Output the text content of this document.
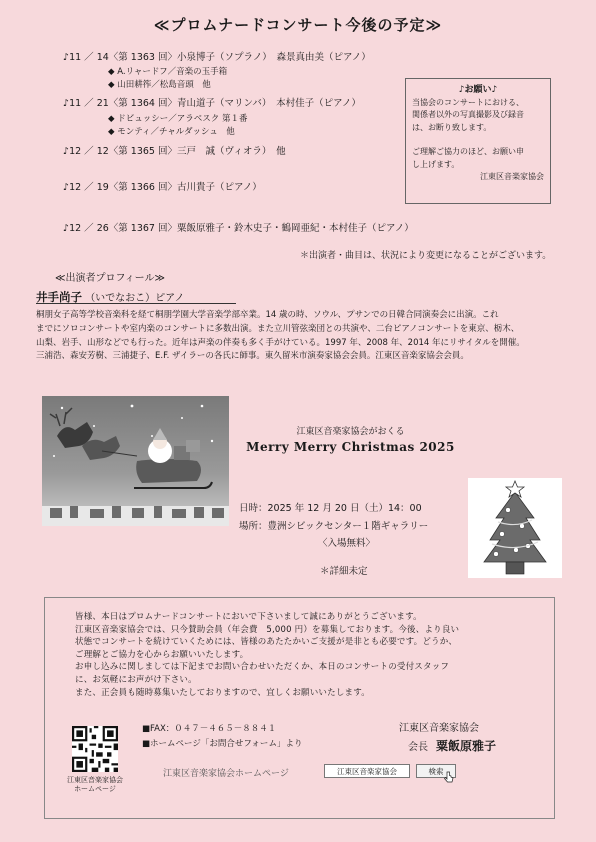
≪プロムナードコンサート今後の予定≫
♪11 ／ 14〈第 1363 回〉小泉博子（ソプラノ）　森景真由美（ピアノ）
◆ A.リャードフ／音楽の玉手箱
◆ 山田耕筰／松島音頭　他
♪11 ／ 21〈第 1364 回〉青山道子（マリンバ）　本村佳子（ピアノ）
◆ ドビュッシー／アラベスク 第１番
◆ モンティ／チャルダッシュ　他
♪12 ／ 12〈第 1365 回〉三戸　誠（ヴィオラ）　他
♪12 ／ 19〈第 1366 回〉古川貴子（ピアノ）
♪12 ／ 26〈第 1367 回〉粟飯原雅子・鈴木史子・鶴岡亜紀・本村佳子（ピアノ）
♪お願い♪
当協会のコンサートにおける、
関係者以外の写真撮影及び録音
は、お断り致します。
ご理解ご協力のほど、お願い申
し上げます。
江東区音楽家協会
＊出演者・曲目は、状況により変更になることがございます。
≪出演者プロフィール≫
井手尚子 （いでなおこ）ピアノ
桐朋女子高等学校音楽科を経て桐朋学園大学音楽学部卒業。14 歳の時、ソウル、プサンでの日韓合同演奏会に出演。これ
までにソロコンサートや室内楽のコンサートに多数出演。また立川管弦楽団との共演や、二台ピアノコンサートを東京、栃木、
山梨、岩手、山形などでも行った。近年は声楽の伴奏も多く手がけている。1997 年、2008 年、2014 年にリサイタルを開催。
三浦浩、森安芳樹、三浦捷子、E.F. ザイラーの各氏に師事。東久留米市演奏家協会会員。江東区音楽家協会会員。
江東区音楽家協会がおくる
Merry Merry Christmas 2025
日時：2025 年 12 月 20 日（土）14：00
場所：豊洲シビックセンター１階ギャラリー
〈入場無料〉
＊詳細未定
皆様、本日はプロムナードコンサートにおいで下さいまして誠にありがとうございます。
江東区音楽家協会では、只今賛助会員（年会費　5,000 円）を募集しております。今後、より良い
状態でコンサートを続けていくためには、皆様のあたたかいご支援が是非とも必要です。どうか、
ご理解とご協力を心からお願いいたします。
お申し込みに関しましては下記までお問い合わせいただくか、本日のコンサートの受付スタッフ
に、お気軽にお声がけ下さい。
また、正会員も随時募集いたしておりますので、宜しくお願いいたします。
江東区音楽家協会
ホームページ
■FAX：０４７－４６５－８８４１
■ホームページ「お問合せフォーム」より
江東区音楽家協会
会長 粟飯原雅子
江東区音楽家協会ホームページ	江東区音楽家協会	検索
